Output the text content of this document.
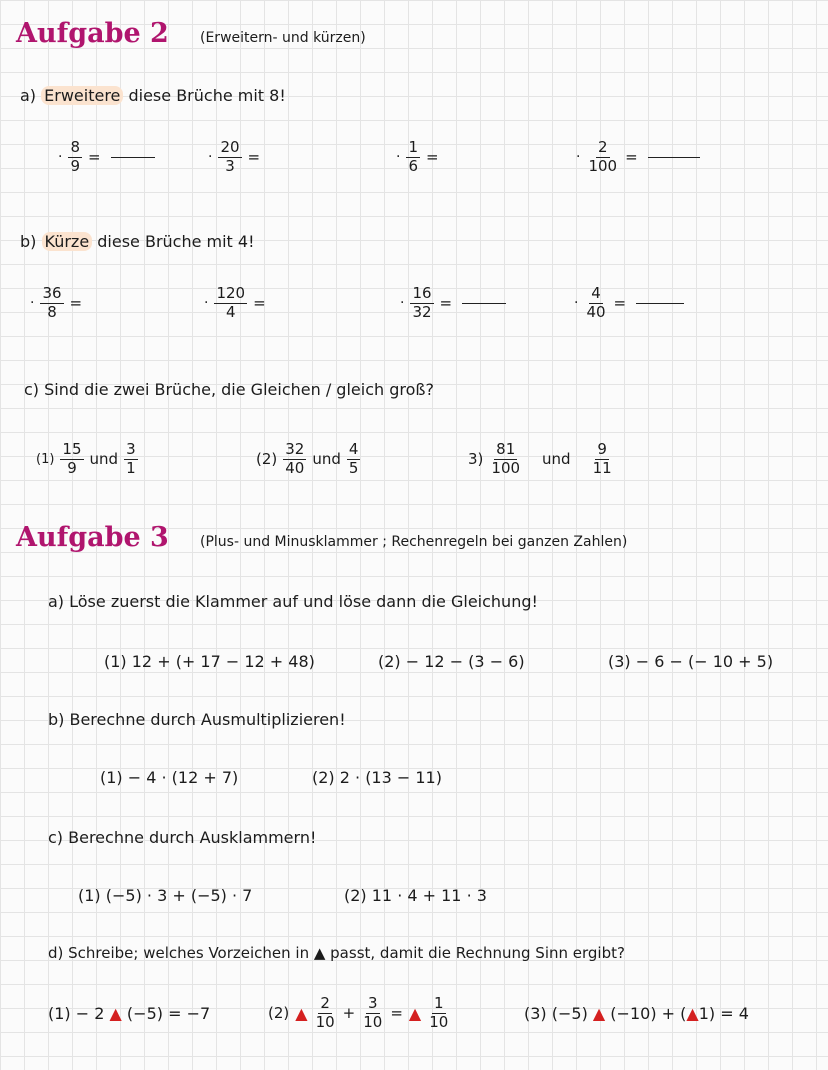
Aufgabe 2 (Erweitern- und kürzen)
a) Erweitere diese Brüche mit 8!
· $\frac{8}{9}$ =	· $\frac{20}{3}$ =	· $\frac{1}{6}$ =	· $\frac{2}{100}$ =
b) Kürze diese Brüche mit 4!
· $\frac{36}{8}$ =	· $\frac{120}{4}$ =	· $\frac{16}{32}$ =	· $\frac{4}{40}$ =
c) Sind die zwei Brüche, die Gleichen / gleich groß?
$(1) \frac{15}{9}$ und $\frac{3}{1}$	$(2) \frac{32}{40}$ und $\frac{4}{5}$	$3) \frac{81}{100}$ und $\frac{9}{11}$
Aufgabe 3 (Plus- und Minusklammer ; Rechenregeln bei ganzen Zahlen)
a) Löse zuerst die Klammer auf und löse dann die Gleichung!
(1) 12 + (+ 17 − 12 + 48)	(2) − 12 − (3 − 6)	(3) − 6 − (− 10 + 5)
b) Berechne durch Ausmultiplizieren!
(1) − 4 · (12 + 7)	(2) 2 · (13 − 11)
c) Berechne durch Ausklammern!
(1) (−5) · 3 + (−5) · 7	(2) 11 · 4 + 11 · 3
d) Schreibe; welches Vorzeichen in ▲ passt, damit die Rechnung Sinn ergibt?
(1) − 2 ▲ (−5) = −7	(2) ▲ $\frac{2}{10} + \frac{3}{10}$ = ▲ $\frac{1}{10}$	(3) (−5) ▲ (−10) + (▲1) = 4
